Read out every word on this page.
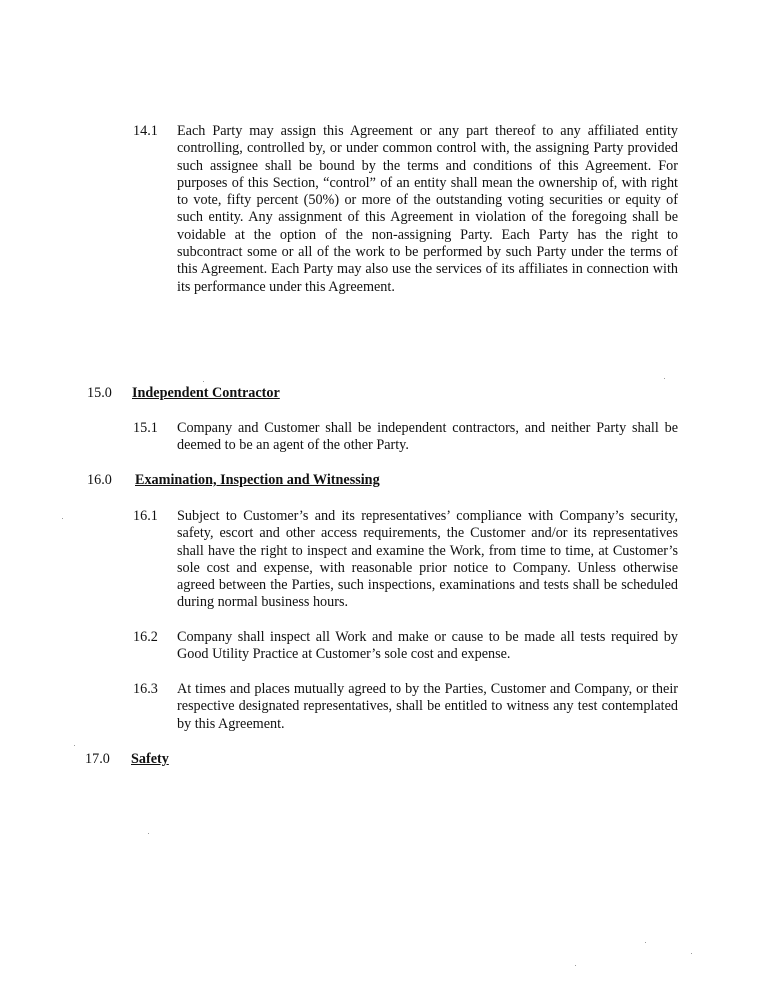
14.1 Each Party may assign this Agreement or any part thereof to any affiliated entity controlling, controlled by, or under common control with, the assigning Party provided such assignee shall be bound by the terms and conditions of this Agreement. For purposes of this Section, “control” of an entity shall mean the ownership of, with right to vote, fifty percent (50%) or more of the outstanding voting securities or equity of such entity. Any assignment of this Agreement in violation of the foregoing shall be voidable at the option of the non-assigning Party. Each Party has the right to subcontract some or all of the work to be performed by such Party under the terms of this Agreement. Each Party may also use the services of its affiliates in connection with its performance under this Agreement.
15.0 Independent Contractor
15.1 Company and Customer shall be independent contractors, and neither Party shall be deemed to be an agent of the other Party.
16.0 Examination, Inspection and Witnessing
16.1 Subject to Customer’s and its representatives’ compliance with Company’s security, safety, escort and other access requirements, the Customer and/or its representatives shall have the right to inspect and examine the Work, from time to time, at Customer’s sole cost and expense, with reasonable prior notice to Company. Unless otherwise agreed between the Parties, such inspections, examinations and tests shall be scheduled during normal business hours.
16.2 Company shall inspect all Work and make or cause to be made all tests required by Good Utility Practice at Customer’s sole cost and expense.
16.3 At times and places mutually agreed to by the Parties, Customer and Company, or their respective designated representatives, shall be entitled to witness any test contemplated by this Agreement.
17.0 Safety
